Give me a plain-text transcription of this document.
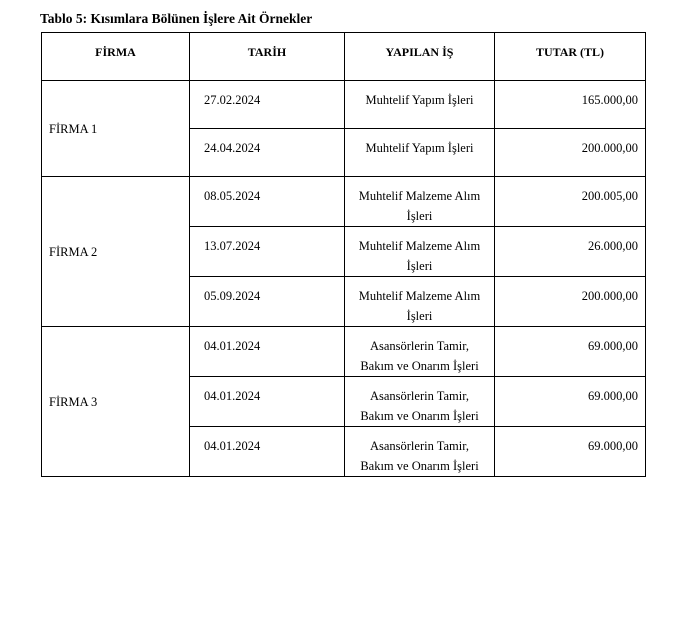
Tablo 5: Kısımlara Bölünen İşlere Ait Örnekler
FİRMA	TARİH	YAPILAN İŞ	TUTAR (TL)
FİRMA 1	27.02.2024	Muhtelif Yapım İşleri	165.000,00
	24.04.2024	Muhtelif Yapım İşleri	200.000,00
FİRMA 2	08.05.2024	Muhtelif Malzeme Alım İşleri	200.005,00
	13.07.2024	Muhtelif Malzeme Alım İşleri	26.000,00
	05.09.2024	Muhtelif Malzeme Alım İşleri	200.000,00
FİRMA 3	04.01.2024	Asansörlerin Tamir, Bakım ve Onarım İşleri	69.000,00
	04.01.2024	Asansörlerin Tamir, Bakım ve Onarım İşleri	69.000,00
	04.01.2024	Asansörlerin Tamir, Bakım ve Onarım İşleri	69.000,00
